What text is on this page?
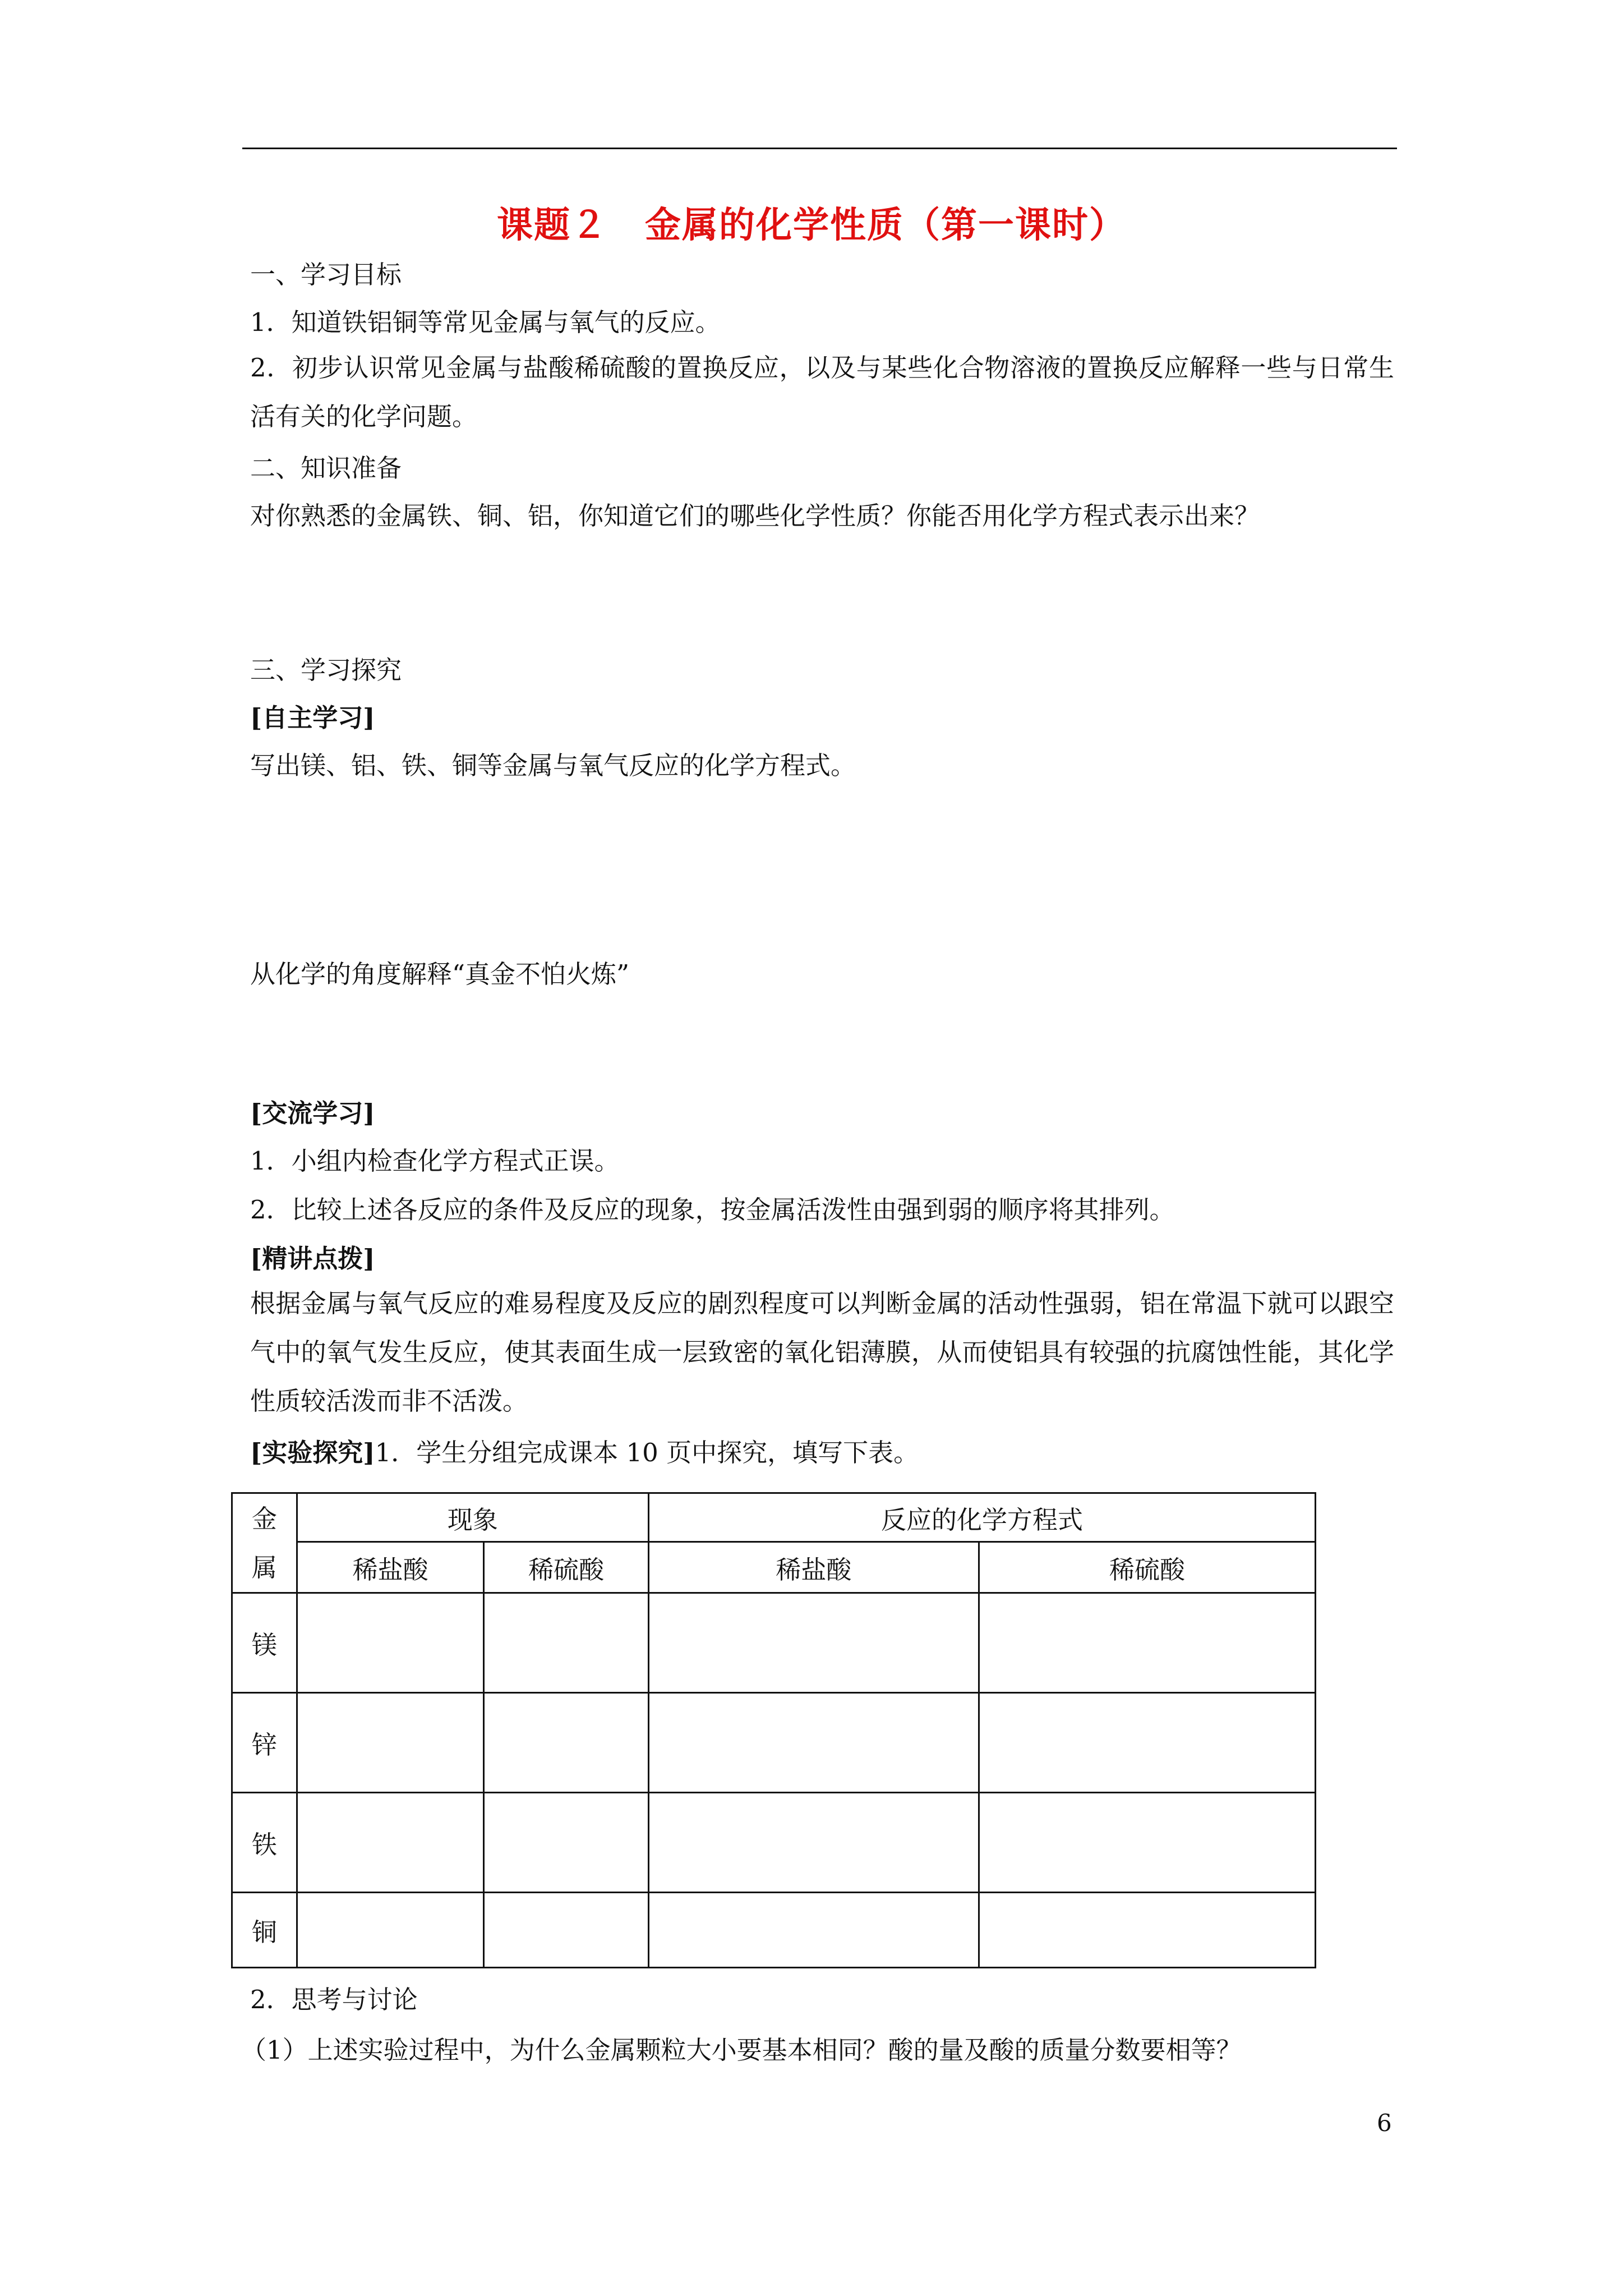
课题２　金属的化学性质（第一课时）
一、学习目标
1．知道铁铝铜等常见金属与氧气的反应。
2．初步认识常见金属与盐酸稀硫酸的置换反应，以及与某些化合物溶液的置换反应解释一些与日常生活有关的化学问题。
二、知识准备
对你熟悉的金属铁、铜、铝，你知道它们的哪些化学性质？你能否用化学方程式表示出来？
三、学习探究
[自主学习]
写出镁、铝、铁、铜等金属与氧气反应的化学方程式。
从化学的角度解释“真金不怕火炼”
[交流学习]
1．小组内检查化学方程式正误。
2．比较上述各反应的条件及反应的现象，按金属活泼性由强到弱的顺序将其排列。
[精讲点拨]
根据金属与氧气反应的难易程度及反应的剧烈程度可以判断金属的活动性强弱，铝在常温下就可以跟空气中的氧气发生反应，使其表面生成一层致密的氧化铝薄膜，从而使铝具有较强的抗腐蚀性能，其化学性质较活泼而非不活泼。
[实验探究]1．学生分组完成课本 10 页中探究，填写下表。
金
属	现象		反应的化学方程式	
	稀盐酸	稀硫酸	稀盐酸	稀硫酸
镁				
锌				
铁				
铜				
2．思考与讨论
（1）上述实验过程中，为什么金属颗粒大小要基本相同？酸的量及酸的质量分数要相等？
6
